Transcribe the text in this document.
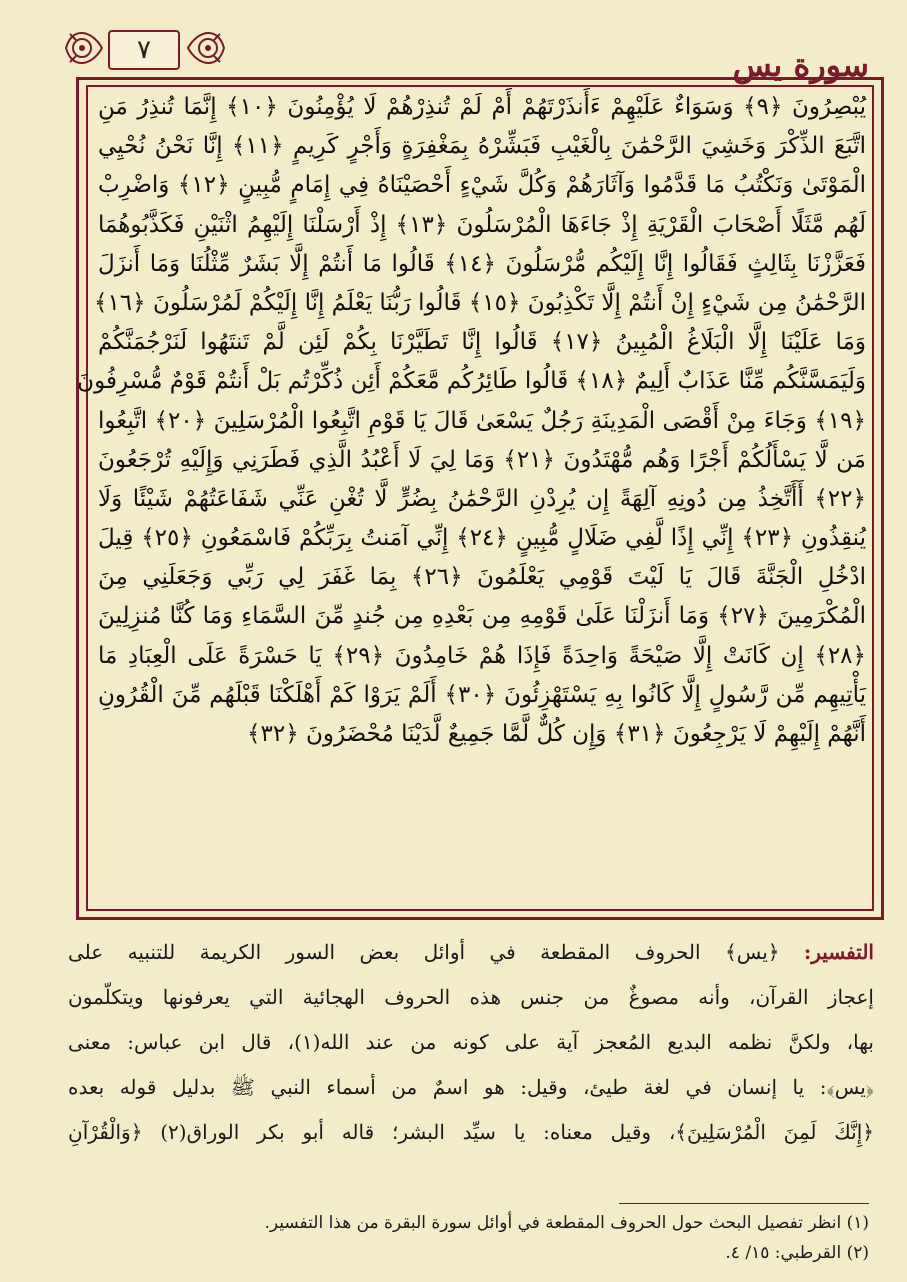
٧	سورة يس
يُبْصِرُونَ ﴿٩﴾ وَسَوَاءٌ عَلَيْهِمْ ءَأَنذَرْتَهُمْ أَمْ لَمْ تُنذِرْهُمْ لَا يُؤْمِنُونَ ﴿١٠﴾ إِنَّمَا تُنذِرُ مَنِ
اتَّبَعَ الذِّكْرَ وَخَشِيَ الرَّحْمَٰنَ بِالْغَيْبِ فَبَشِّرْهُ بِمَغْفِرَةٍ وَأَجْرٍ كَرِيمٍ ﴿١١﴾ إِنَّا نَحْنُ نُحْيِي
الْمَوْتَىٰ وَنَكْتُبُ مَا قَدَّمُوا وَآثَارَهُمْ وَكُلَّ شَيْءٍ أَحْصَيْنَاهُ فِي إِمَامٍ مُّبِينٍ ﴿١٢﴾ وَاضْرِبْ
لَهُم مَّثَلًا أَصْحَابَ الْقَرْيَةِ إِذْ جَاءَهَا الْمُرْسَلُونَ ﴿١٣﴾ إِذْ أَرْسَلْنَا إِلَيْهِمُ اثْنَيْنِ فَكَذَّبُوهُمَا
فَعَزَّزْنَا بِثَالِثٍ فَقَالُوا إِنَّا إِلَيْكُم مُّرْسَلُونَ ﴿١٤﴾ قَالُوا مَا أَنتُمْ إِلَّا بَشَرٌ مِّثْلُنَا وَمَا أَنزَلَ
الرَّحْمَٰنُ مِن شَيْءٍ إِنْ أَنتُمْ إِلَّا تَكْذِبُونَ ﴿١٥﴾ قَالُوا رَبُّنَا يَعْلَمُ إِنَّا إِلَيْكُمْ لَمُرْسَلُونَ ﴿١٦﴾
وَمَا عَلَيْنَا إِلَّا الْبَلَاغُ الْمُبِينُ ﴿١٧﴾ قَالُوا إِنَّا تَطَيَّرْنَا بِكُمْ لَئِن لَّمْ تَنتَهُوا لَنَرْجُمَنَّكُمْ
وَلَيَمَسَّنَّكُم مِّنَّا عَذَابٌ أَلِيمٌ ﴿١٨﴾ قَالُوا طَائِرُكُم مَّعَكُمْ أَئِن ذُكِّرْتُم بَلْ أَنتُمْ قَوْمٌ مُّسْرِفُونَ
﴿١٩﴾ وَجَاءَ مِنْ أَقْصَى الْمَدِينَةِ رَجُلٌ يَسْعَىٰ قَالَ يَا قَوْمِ اتَّبِعُوا الْمُرْسَلِينَ ﴿٢٠﴾ اتَّبِعُوا
مَن لَّا يَسْأَلُكُمْ أَجْرًا وَهُم مُّهْتَدُونَ ﴿٢١﴾ وَمَا لِيَ لَا أَعْبُدُ الَّذِي فَطَرَنِي وَإِلَيْهِ تُرْجَعُونَ
﴿٢٢﴾ أَأَتَّخِذُ مِن دُونِهِ آلِهَةً إِن يُرِدْنِ الرَّحْمَٰنُ بِضُرٍّ لَّا تُغْنِ عَنِّي شَفَاعَتُهُمْ شَيْئًا وَلَا
يُنقِذُونِ ﴿٢٣﴾ إِنِّي إِذًا لَّفِي ضَلَالٍ مُّبِينٍ ﴿٢٤﴾ إِنِّي آمَنتُ بِرَبِّكُمْ فَاسْمَعُونِ ﴿٢٥﴾ قِيلَ
ادْخُلِ الْجَنَّةَ قَالَ يَا لَيْتَ قَوْمِي يَعْلَمُونَ ﴿٢٦﴾ بِمَا غَفَرَ لِي رَبِّي وَجَعَلَنِي مِنَ
الْمُكْرَمِينَ ﴿٢٧﴾ وَمَا أَنزَلْنَا عَلَىٰ قَوْمِهِ مِن بَعْدِهِ مِن جُندٍ مِّنَ السَّمَاءِ وَمَا كُنَّا مُنزِلِينَ
﴿٢٨﴾ إِن كَانَتْ إِلَّا صَيْحَةً وَاحِدَةً فَإِذَا هُمْ خَامِدُونَ ﴿٢٩﴾ يَا حَسْرَةً عَلَى الْعِبَادِ مَا
يَأْتِيهِم مِّن رَّسُولٍ إِلَّا كَانُوا بِهِ يَسْتَهْزِئُونَ ﴿٣٠﴾ أَلَمْ يَرَوْا كَمْ أَهْلَكْنَا قَبْلَهُم مِّنَ الْقُرُونِ
أَنَّهُمْ إِلَيْهِمْ لَا يَرْجِعُونَ ﴿٣١﴾ وَإِن كُلٌّ لَّمَّا جَمِيعٌ لَّدَيْنَا مُحْضَرُونَ ﴿٣٢﴾
التفسير: ﴿يس﴾ الحروف المقطعة في أوائل بعض السور الكريمة للتنبيه على
إعجاز القرآن، وأنه مصوغٌ من جنس هذه الحروف الهجائية التي يعرفونها ويتكلّمون
بها، ولكنَّ نظمه البديع المُعجز آية على كونه من عند الله(١)، قال ابن عباس: معنى
﴿يس﴾: يا إنسان في لغة طيئ، وقيل: هو اسمٌ من أسماء النبي ﷺ بدليل قوله بعده
﴿إِنَّكَ لَمِنَ الْمُرْسَلِينَ﴾، وقيل معناه: يا سيِّد البشر؛ قاله أبو بكر الوراق(٢) ﴿وَالْقُرْآنِ
(١) انظر تفصيل البحث حول الحروف المقطعة في أوائل سورة البقرة من هذا التفسير.
(٢) القرطبي: ١٥/ ٤.
